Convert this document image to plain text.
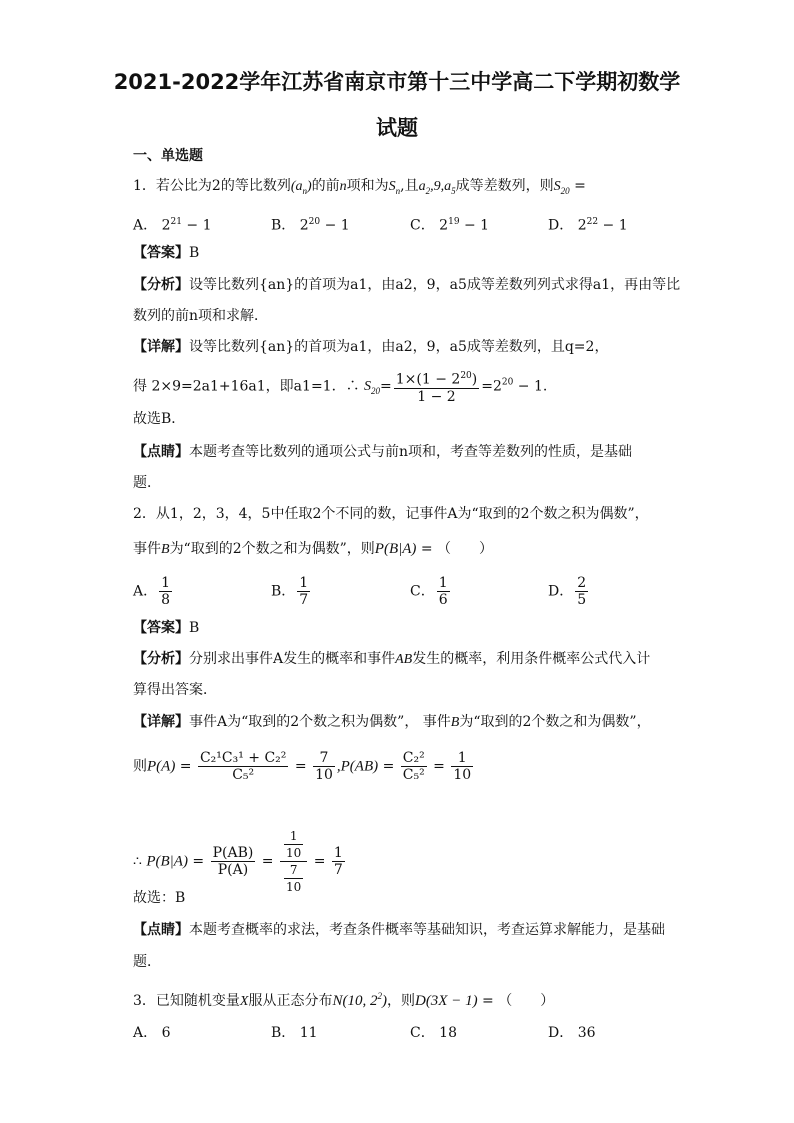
2021-2022学年江苏省南京市第十三中学高二下学期初数学
试题
一、单选题
1．若公比为2的等比数列$(a_n)$的前n项和为$S_n$,且$a_2,9,a_5$成等差数列，则$S_{20}$ =
A． $2^{21} - 1$	B． $2^{20} - 1$	C． $2^{19} - 1$	D． $2^{22} - 1$
【答案】B
【分析】设等比数列{an}的首项为a1，由a2，9，a5成等差数列列式求得a1，再由等比
数列的前n项和求解．
【详解】设等比数列{an}的首项为a1，由a2，9，a5成等差数列，且q=2，
得 2×9=2a1+16a1，即a1=1．∴ $S_{20}= \frac{1\times(1 - 2^{20})}{1 - 2} =2^{20} - 1$.
故选B．
【点睛】本题考查等比数列的通项公式与前n项和，考查等差数列的性质，是基础
题．
2．从1，2，3，4，5中任取2个不同的数，记事件A为“取到的2个数之积为偶数”，
事件B为“取到的2个数之和为偶数”，则P(B|A) = （　　）
A． $\frac{1}{8}$	B． $\frac{1}{7}$	C． $\frac{1}{6}$	D． $\frac{2}{5}$
【答案】B
【分析】分别求出事件A发生的概率和事件AB发生的概率，利用条件概率公式代入计
算得出答案．
【详解】事件A为“取到的2个数之积为偶数”， 事件B为“取到的2个数之和为偶数”，
则$P(A) = \frac{\text{C₂¹C₃¹ + C₂²}}{\text{C₅²}} = \frac{7}{10} ,P(AB) = \frac{\text{C₂²}}{\text{C₅²}} = \frac{1}{10}$
∴ $P(B|A) = \frac{P(AB)}{P(A)} = \frac{\frac{1}{10}}{\frac{7}{10}} = \frac{1}{7}$
故选：B
【点睛】本题考查概率的求法，考查条件概率等基础知识，考查运算求解能力，是基础
题．
3．已知随机变量X服从正态分布N(10, $2^2$)，则D(3X − 1) = （　　）
A． 6	B． 11	C． 18	D． 36
